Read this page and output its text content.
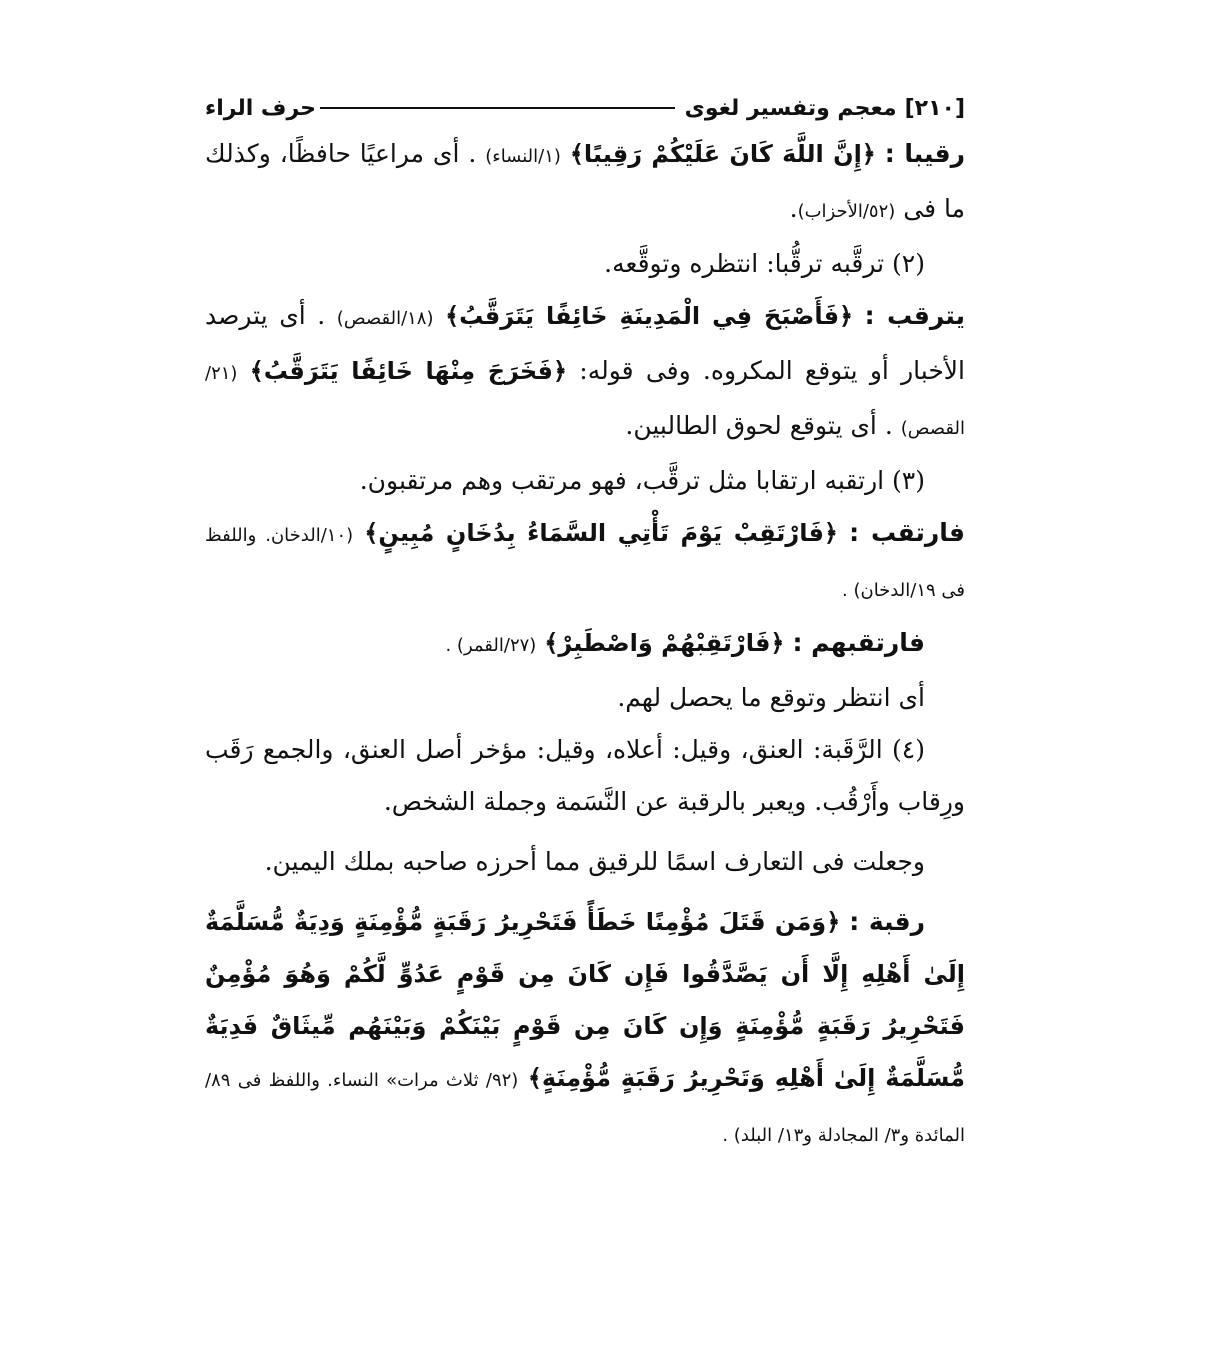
[٢١٠]
معجم وتفسير لغوى
حرف الراء

رقيبا : ﴿إِنَّ اللَّهَ كَانَ عَلَيْكُمْ رَقِيبًا﴾ (١/النساء) . أى مراعيًا حافظًا، وكذلك ما فى (٥٢/الأحزاب).

(٢) ترقَّبه ترقُّبا: انتظره وتوقَّعه.

يترقب : ﴿فَأَصْبَحَ فِي الْمَدِينَةِ خَائِفًا يَتَرَقَّبُ﴾ (١٨/القصص) . أى يترصد الأخبار أو يتوقع المكروه. وفى قوله: ﴿فَخَرَجَ مِنْهَا خَائِفًا يَتَرَقَّبُ﴾ (٢١/القصص) . أى يتوقع لحوق الطالبين.

(٣) ارتقبه ارتقابا مثل ترقَّب، فهو مرتقب وهم مرتقبون.

فارتقب : ﴿فَارْتَقِبْ يَوْمَ تَأْتِي السَّمَاءُ بِدُخَانٍ مُبِينٍ﴾ (١٠/الدخان. واللفظ فى ١٩/الدخان) .

فارتقبهم : ﴿فَارْتَقِبْهُمْ وَاصْطَبِرْ﴾ (٢٧/القمر) .

أى انتظر وتوقع ما يحصل لهم.

(٤) الرَّقَبة: العنق، وقيل: أعلاه، وقيل: مؤخر أصل العنق، والجمع رَقَب ورِقاب وأَرْقُب. ويعبر بالرقبة عن النَّسَمة وجملة الشخص.

وجعلت فى التعارف اسمًا للرقيق مما أحرزه صاحبه بملك اليمين.

رقبة : ﴿وَمَن قَتَلَ مُؤْمِنًا خَطَأً فَتَحْرِيرُ رَقَبَةٍ مُّؤْمِنَةٍ وَدِيَةٌ مُّسَلَّمَةٌ إِلَىٰ أَهْلِهِ إِلَّا أَن يَصَّدَّقُوا فَإِن كَانَ مِن قَوْمٍ عَدُوٍّ لَّكُمْ وَهُوَ مُؤْمِنٌ فَتَحْرِيرُ رَقَبَةٍ مُّؤْمِنَةٍ وَإِن كَانَ مِن قَوْمٍ بَيْنَكُمْ وَبَيْنَهُم مِّيثَاقٌ فَدِيَةٌ مُّسَلَّمَةٌ إِلَىٰ أَهْلِهِ وَتَحْرِيرُ رَقَبَةٍ مُّؤْمِنَةٍ﴾ (٩٢/ ثلاث مرات» النساء. واللفظ فى ٨٩/ المائدة و٣/ المجادلة و١٣/ البلد) .
